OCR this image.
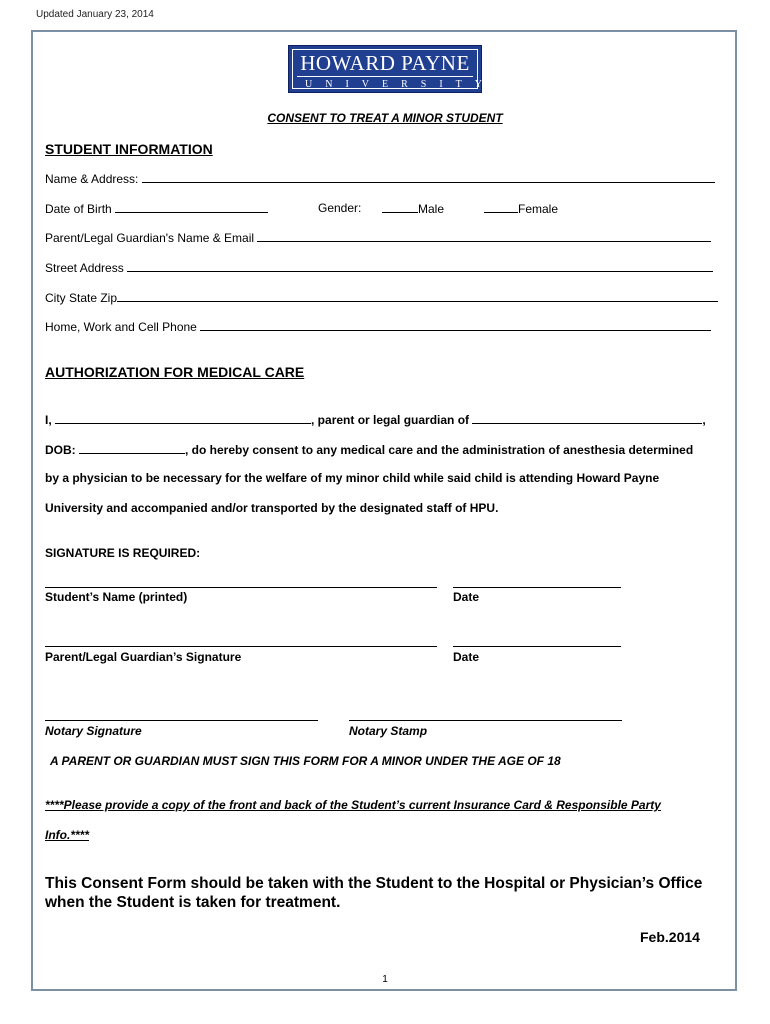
Updated January 23, 2014
HOWARD PAYNE
UNIVERSITY
CONSENT TO TREAT A MINOR STUDENT
STUDENT INFORMATION
Name & Address:
Date of Birth	Gender:	Male	Female
Parent/Legal Guardian's Name & Email
Street Address
City State Zip
Home, Work and Cell Phone
AUTHORIZATION FOR MEDICAL CARE
I,	, parent or legal guardian of	,
DOB:	, do hereby consent to any medical care and the administration of anesthesia determined
by a physician to be necessary for the welfare of my minor child while said child is attending Howard Payne
University and accompanied and/or transported by the designated staff of HPU.
SIGNATURE IS REQUIRED:
Student’s Name (printed)	Date
Parent/Legal Guardian’s Signature	Date
Notary Signature	Notary Stamp
A PARENT OR GUARDIAN MUST SIGN THIS FORM FOR A MINOR UNDER THE AGE OF 18
****Please provide a copy of the front and back of the Student’s current Insurance Card & Responsible Party
Info.****
This Consent Form should be taken with the Student to the Hospital or Physician’s Office when the Student is taken for treatment.
Feb.2014
1
